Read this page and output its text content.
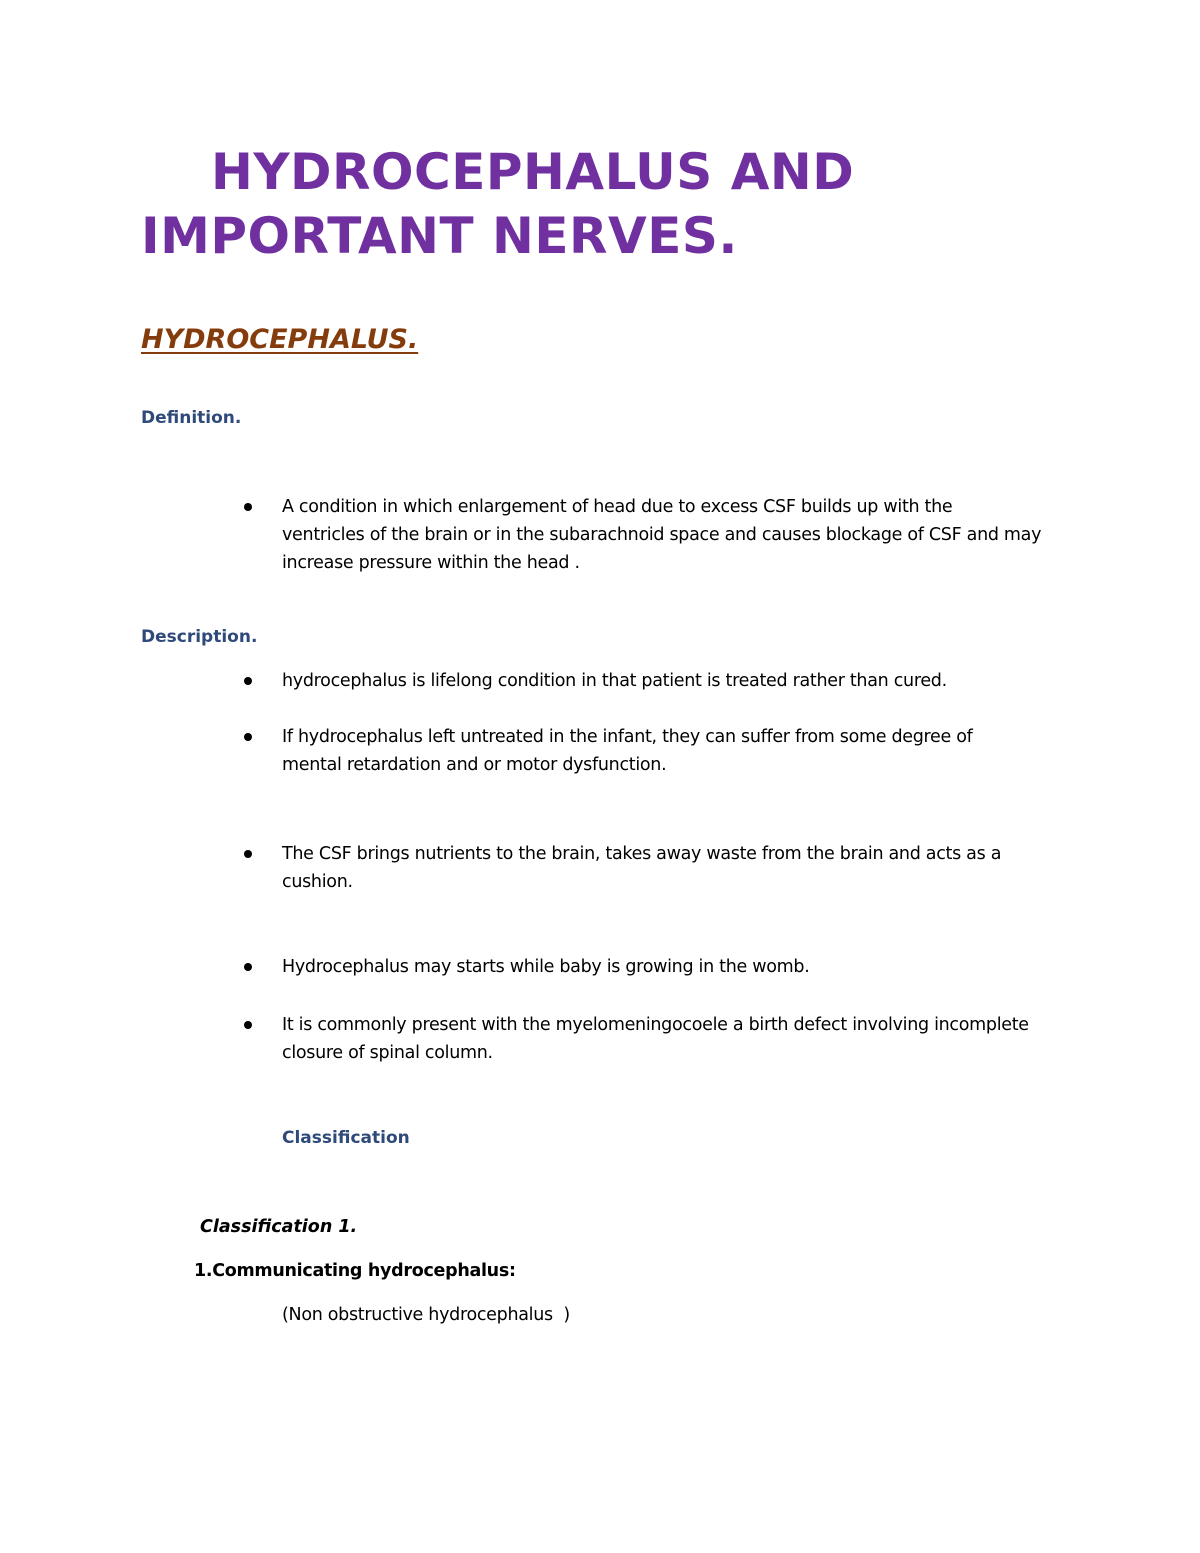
HYDROCEPHALUS AND
IMPORTANT NERVES.
HYDROCEPHALUS.
Definition.
A condition in which enlargement of head due to excess CSF builds up with the
ventricles of the brain or in the subarachnoid space and causes blockage of CSF and may
increase pressure within the head .
Description.
hydrocephalus is lifelong condition in that patient is treated rather than cured.
If hydrocephalus left untreated in the infant, they can suffer from some degree of
mental retardation and or motor dysfunction.
The CSF brings nutrients to the brain, takes away waste from the brain and acts as a
cushion.
Hydrocephalus may starts while baby is growing in the womb.
It is commonly present with the myelomeningocoele a birth defect involving incomplete
closure of spinal column.
Classification
Classification 1.
1.Communicating hydrocephalus:
(Non obstructive hydrocephalus  )
